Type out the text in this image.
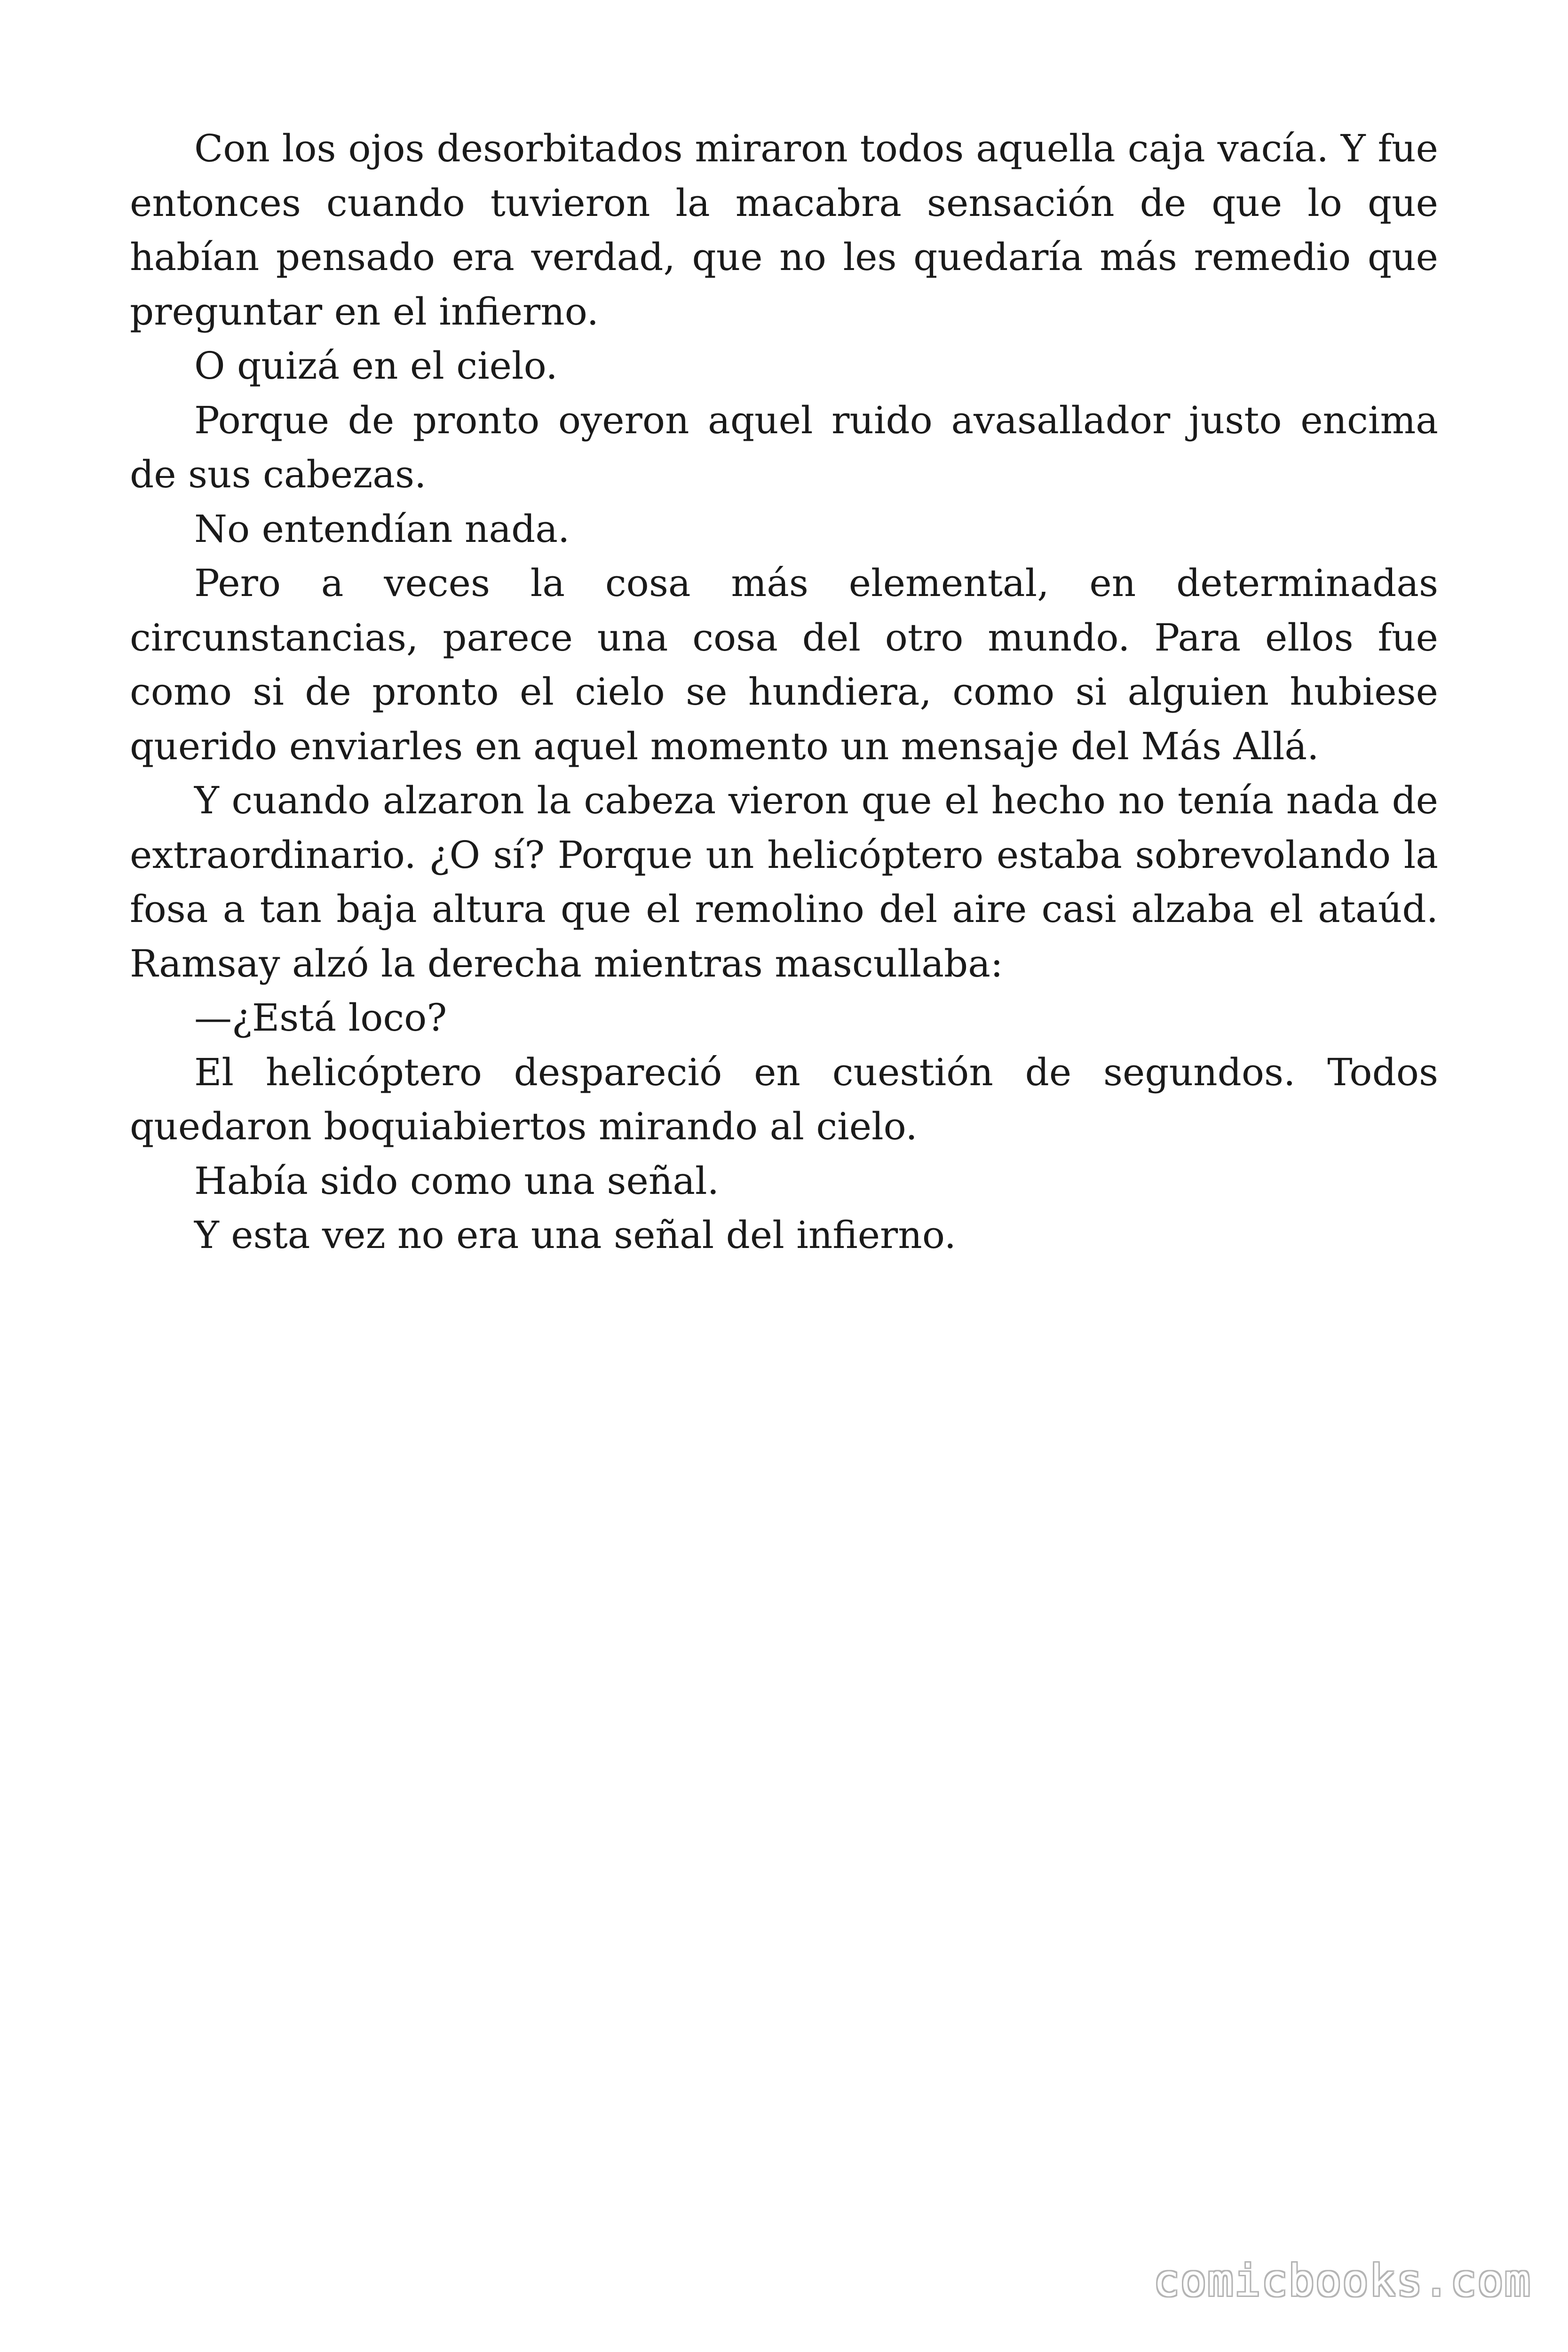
Con los ojos desorbitados miraron todos aquella caja vacía. Y fue entonces cuando tuvieron la macabra sensación de que lo que habían pensado era verdad, que no les quedaría más remedio que preguntar en el infierno.

O quizá en el cielo.

Porque de pronto oyeron aquel ruido avasallador justo encima de sus cabezas.

No entendían nada.

Pero a veces la cosa más elemental, en determinadas circunstancias, parece una cosa del otro mundo. Para ellos fue como si de pronto el cielo se hundiera, como si alguien hubiese querido enviarles en aquel momento un mensaje del Más Allá.

Y cuando alzaron la cabeza vieron que el hecho no tenía nada de extraordinario. ¿O sí? Porque un helicóptero estaba sobrevolando la fosa a tan baja altura que el remolino del aire casi alzaba el ataúd. Ramsay alzó la derecha mientras mascullaba:

—¿Está loco?

El helicóptero despareció en cuestión de segundos. Todos quedaron boquiabiertos mirando al cielo.

Había sido como una señal.

Y esta vez no era una señal del infierno.

comicbooks.com
